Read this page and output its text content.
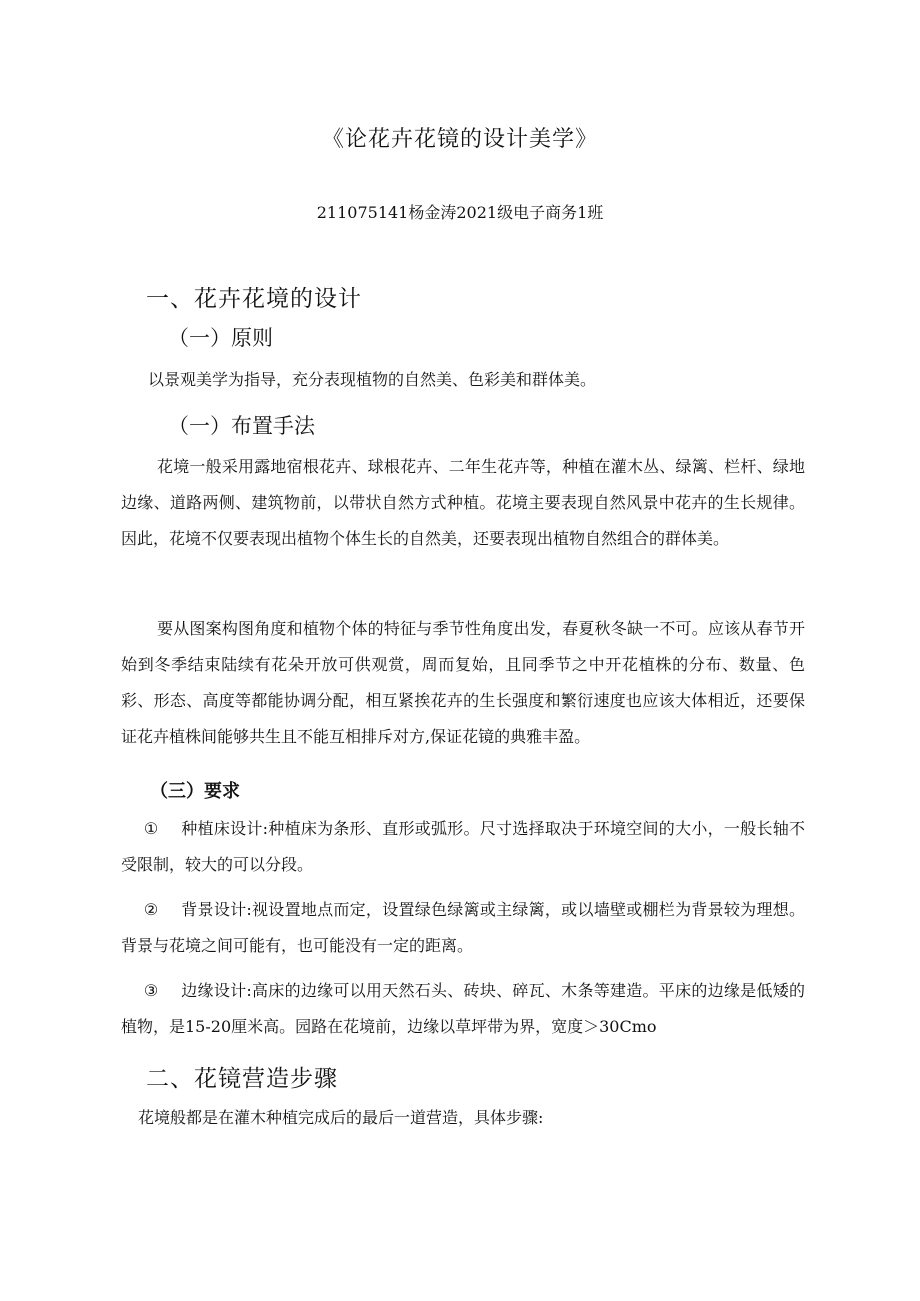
《论花卉花镜的设计美学》
211075141杨金涛2021级电子商务1班
一、花卉花境的设计
（一）原则
以景观美学为指导，充分表现植物的自然美、色彩美和群体美。
（一）布置手法
花境一般采用露地宿根花卉、球根花卉、二年生花卉等，种植在灌木丛、绿篱、栏杆、绿地边缘、道路两侧、建筑物前，以带状自然方式种植。花境主要表现自然风景中花卉的生长规律。因此，花境不仅要表现出植物个体生长的自然美，还要表现出植物自然组合的群体美。
要从图案构图角度和植物个体的特征与季节性角度出发，春夏秋冬缺一不可。应该从春节开始到冬季结束陆续有花朵开放可供观赏，周而复始，且同季节之中开花植株的分布、数量、色彩、形态、高度等都能协调分配，相互紧挨花卉的生长强度和繁衍速度也应该大体相近，还要保证花卉植株间能够共生且不能互相排斥对方,保证花镜的典雅丰盈。
（三）要求
① 种植床设计:种植床为条形、直形或弧形。尺寸选择取决于环境空间的大小，一般长轴不受限制，较大的可以分段。
② 背景设计:视设置地点而定，设置绿色绿篱或主绿篱，或以墙壁或棚栏为背景较为理想。背景与花境之间可能有，也可能没有一定的距离。
③ 边缘设计:高床的边缘可以用天然石头、砖块、碎瓦、木条等建造。平床的边缘是低矮的植物，是15-20厘米高。园路在花境前，边缘以草坪带为界，宽度＞30Cmo
二、花镜营造步骤
花境般都是在灌木种植完成后的最后一道营造，具体步骤:
